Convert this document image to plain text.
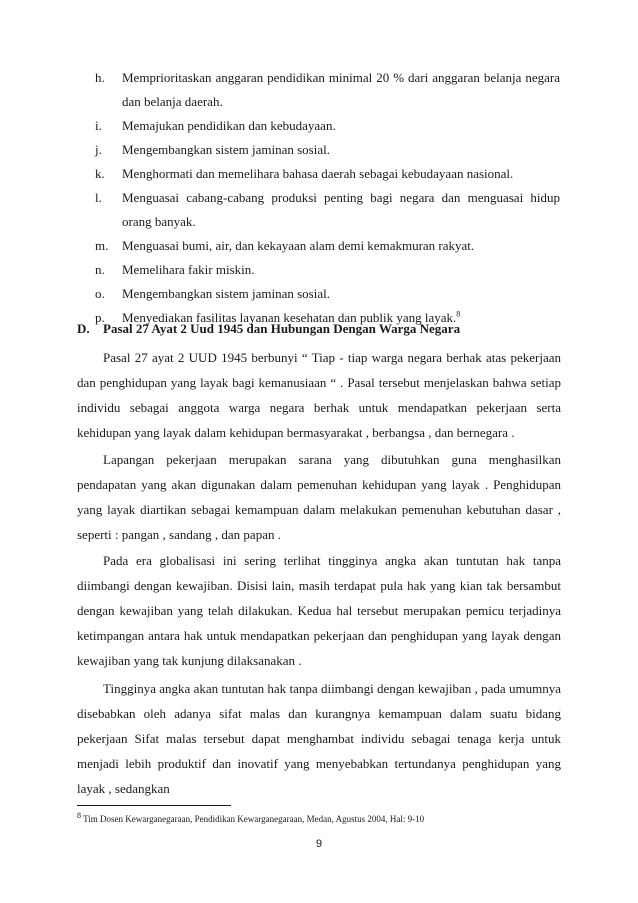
h. Memprioritaskan anggaran pendidikan minimal 20 % dari anggaran belanja negara dan belanja daerah.
i. Memajukan pendidikan dan kebudayaan.
j. Mengembangkan sistem jaminan sosial.
k. Menghormati dan memelihara bahasa daerah sebagai kebudayaan nasional.
l. Menguasai cabang-cabang produksi penting bagi negara dan menguasai hidup orang banyak.
m. Menguasai bumi, air, dan kekayaan alam demi kemakmuran rakyat.
n. Memelihara fakir miskin.
o. Mengembangkan sistem jaminan sosial.
p. Menyediakan fasilitas layanan kesehatan dan publik yang layak.$^8$
D. Pasal 27 Ayat 2 Uud 1945 dan Hubungan Dengan Warga Negara

Pasal 27 ayat 2 UUD 1945 berbunyi “ Tiap - tiap warga negara berhak atas pekerjaan dan penghidupan yang layak bagi kemanusiaan “ . Pasal tersebut menjelaskan bahwa setiap individu sebagai anggota warga negara berhak untuk mendapatkan pekerjaan serta kehidupan yang layak dalam kehidupan bermasyarakat , berbangsa , dan bernegara .

Lapangan pekerjaan merupakan sarana yang dibutuhkan guna menghasilkan pendapatan yang akan digunakan dalam pemenuhan kehidupan yang layak . Penghidupan yang layak diartikan sebagai kemampuan dalam melakukan pemenuhan kebutuhan dasar , seperti : pangan , sandang , dan papan .

Pada era globalisasi ini sering terlihat tingginya angka akan tuntutan hak tanpa diimbangi dengan kewajiban. Disisi lain, masih terdapat pula hak yang kian tak bersambut dengan kewajiban yang telah dilakukan. Kedua hal tersebut merupakan pemicu terjadinya ketimpangan antara hak untuk mendapatkan pekerjaan dan penghidupan yang layak dengan kewajiban yang tak kunjung dilaksanakan .

Tingginya angka akan tuntutan hak tanpa diimbangi dengan kewajiban , pada umumnya disebabkan oleh adanya sifat malas dan kurangnya kemampuan dalam suatu bidang pekerjaan Sifat malas tersebut dapat menghambat individu sebagai tenaga kerja untuk menjadi lebih produktif dan inovatif yang menyebabkan tertundanya penghidupan yang layak , sedangkan

$^8$ Tim Dosen Kewarganegaraan, Pendidikan Kewarganegaraan, Medan, Agustus 2004, Hal: 9-10
9
